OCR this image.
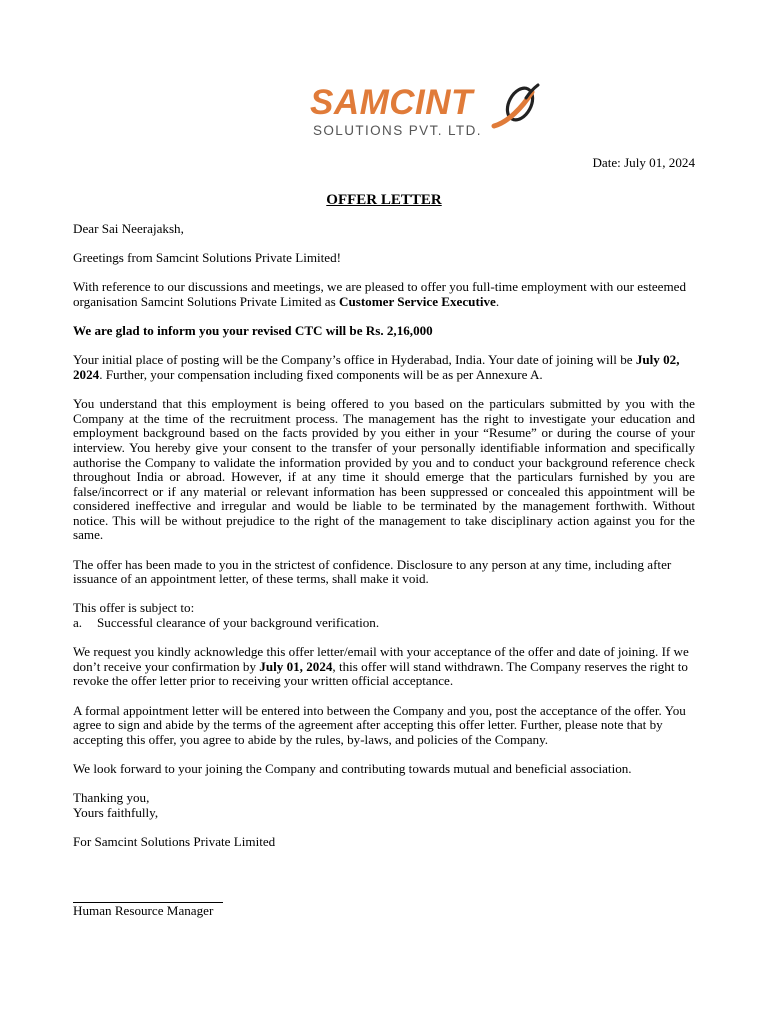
SAMCINT
SOLUTIONS PVT. LTD.
Date: July 01, 2024
OFFER LETTER

Dear Sai Neerajaksh,

Greetings from Samcint Solutions Private Limited!

With reference to our discussions and meetings, we are pleased to offer you full-time employment with our esteemed organisation Samcint Solutions Private Limited as Customer Service Executive.

We are glad to inform you your revised CTC will be Rs. 2,16,000

Your initial place of posting will be the Company’s office in Hyderabad, India. Your date of joining will be July 02, 2024. Further, your compensation including fixed components will be as per Annexure A.

You understand that this employment is being offered to you based on the particulars submitted by you with the Company at the time of the recruitment process. The management has the right to investigate your education and employment background based on the facts provided by you either in your “Resume” or during the course of your interview. You hereby give your consent to the transfer of your personally identifiable information and specifically authorise the Company to validate the information provided by you and to conduct your background reference check throughout India or abroad. However, if at any time it should emerge that the particulars furnished by you are false/incorrect or if any material or relevant information has been suppressed or concealed this appointment will be considered ineffective and irregular and would be liable to be terminated by the management forthwith. Without notice. This will be without prejudice to the right of the management to take disciplinary action against you for the same.

The offer has been made to you in the strictest of confidence. Disclosure to any person at any time, including after issuance of an appointment letter, of these terms, shall make it void.

This offer is subject to:

a. Successful clearance of your background verification.

We request you kindly acknowledge this offer letter/email with your acceptance of the offer and date of joining. If we don’t receive your confirmation by July 01, 2024, this offer will stand withdrawn. The Company reserves the right to revoke the offer letter prior to receiving your written official acceptance.

A formal appointment letter will be entered into between the Company and you, post the acceptance of the offer. You agree to sign and abide by the terms of the agreement after accepting this offer letter. Further, please note that by accepting this offer, you agree to abide by the rules, by-laws, and policies of the Company.

We look forward to your joining the Company and contributing towards mutual and beneficial association.

Thanking you,

Yours faithfully,

For Samcint Solutions Private Limited

Human Resource Manager
